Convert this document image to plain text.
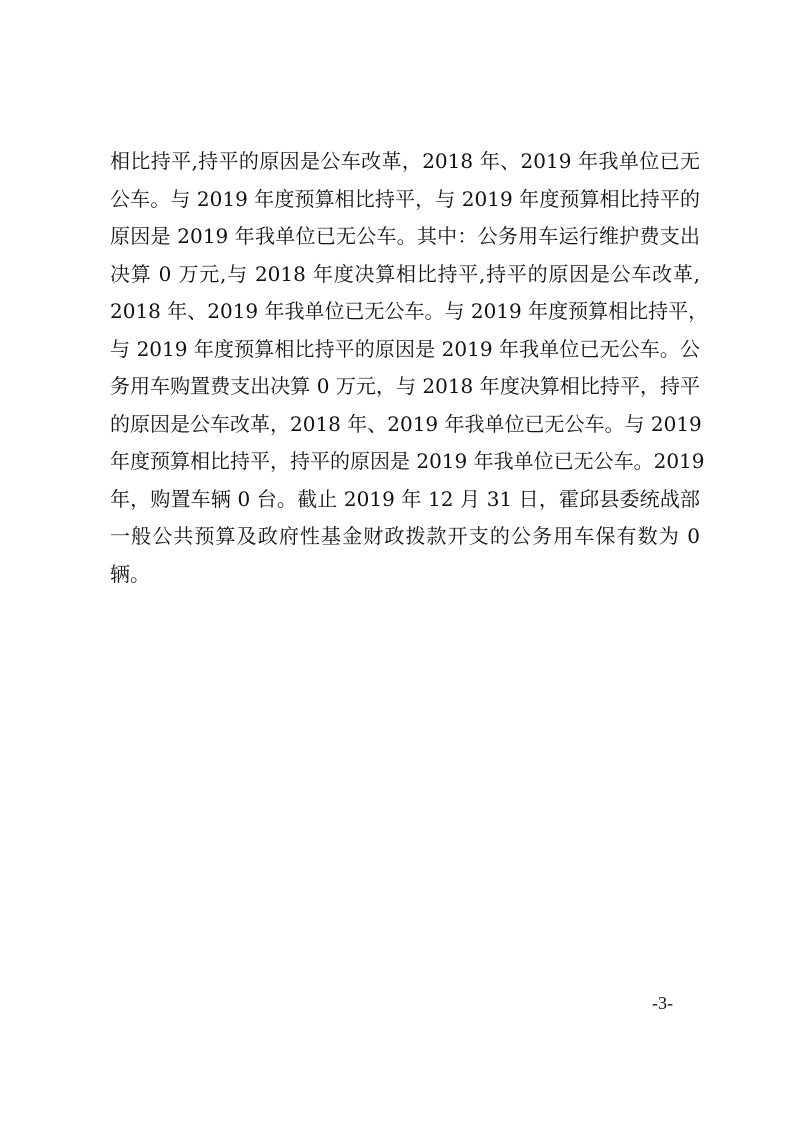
相比持平,持平的原因是公车改革，2018 年、2019 年我单位已无
公车。与 2019 年度预算相比持平，与 2019 年度预算相比持平的
原因是 2019 年我单位已无公车。其中：公务用车运行维护费支出
决算 0 万元,与 2018 年度决算相比持平,持平的原因是公车改革,
2018 年、2019 年我单位已无公车。与 2019 年度预算相比持平，
与 2019 年度预算相比持平的原因是 2019 年我单位已无公车。公
务用车购置费支出决算 0 万元，与 2018 年度决算相比持平，持平
的原因是公车改革，2018 年、2019 年我单位已无公车。与 2019
年度预算相比持平，持平的原因是 2019 年我单位已无公车。2019
年，购置车辆 0 台。截止 2019 年 12 月 31 日，霍邱县委统战部
一般公共预算及政府性基金财政拨款开支的公务用车保有数为 0
辆。
-3-
